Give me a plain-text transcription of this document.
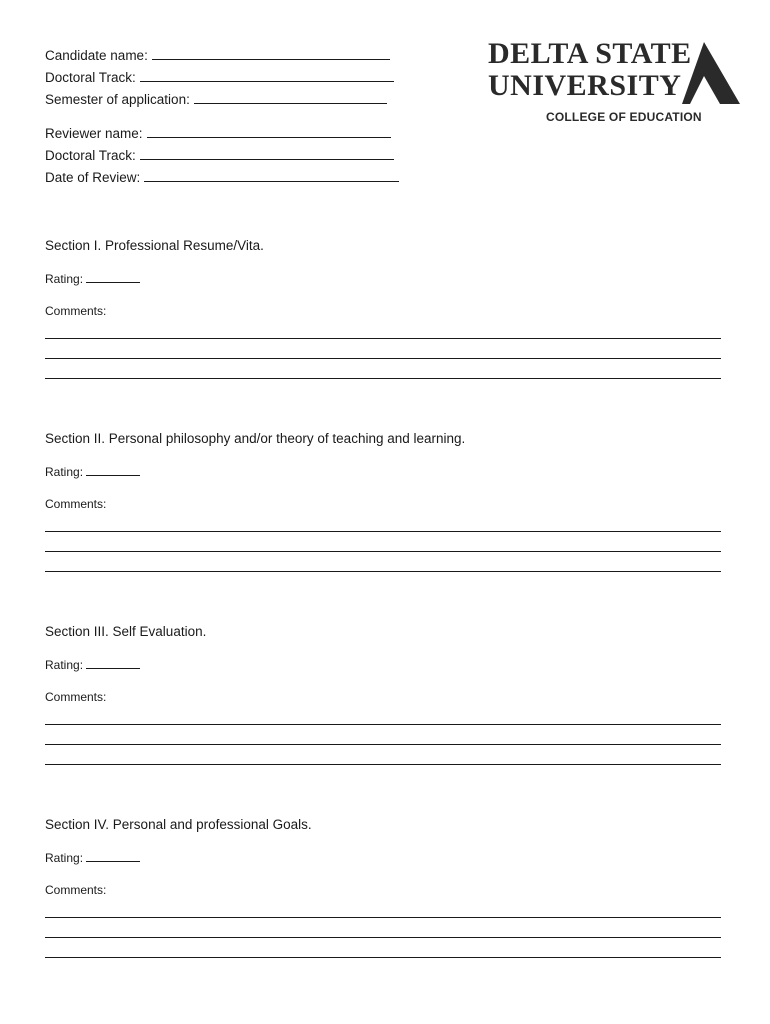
Candidate name:
Doctoral Track:
Semester of application:
Reviewer name:
Doctoral Track:
Date of Review:
DELTA STATE
UNIVERSITY
COLLEGE OF EDUCATION
Section I. Professional Resume/Vita.
Rating:
Comments:
Section II. Personal philosophy and/or theory of teaching and learning.
Rating:
Comments:
Section III. Self Evaluation.
Rating:
Comments:
Section IV. Personal and professional Goals.
Rating:
Comments:
